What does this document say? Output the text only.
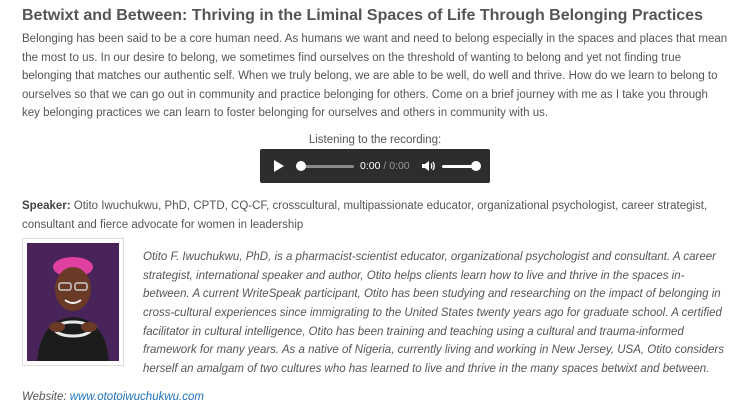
Betwixt and Between: Thriving in the Liminal Spaces of Life Through Belonging Practices

Belonging has been said to be a core human need. As humans we want and need to belong especially in the spaces and places that mean the most to us. In our desire to belong, we sometimes find ourselves on the threshold of wanting to belong and yet not finding true belonging that matches our authentic self. When we truly belong, we are able to be well, do well and thrive. How do we learn to belong to ourselves so that we can go out in community and practice belonging for others. Come on a brief journey with me as I take you through key belonging practices we can learn to foster belonging for ourselves and others in community with us.

Listening to the recording:
0:00 / 0:00
Speaker: Otito Iwuchukwu, PhD, CPTD, CQ-CF, crosscultural, multipassionate educator, organizational psychologist, career strategist, consultant and fierce advocate for women in leadership
Otito F. Iwuchukwu, PhD, is a pharmacist-scientist educator, organizational psychologist and consultant. A career strategist, international speaker and author, Otito helps clients learn how to live and thrive in the spaces in-between. A current WriteSpeak participant, Otito has been studying and researching on the impact of belonging in cross-cultural experiences since immigrating to the United States twenty years ago for graduate school. A certified facilitator in cultural intelligence, Otito has been training and teaching using a cultural and trauma-informed framework for many years. As a native of Nigeria, currently living and working in New Jersey, USA, Otito considers herself an amalgam of two cultures who has learned to live and thrive in the many spaces betwixt and between.
Website: www.ototoiwuchukwu.com
